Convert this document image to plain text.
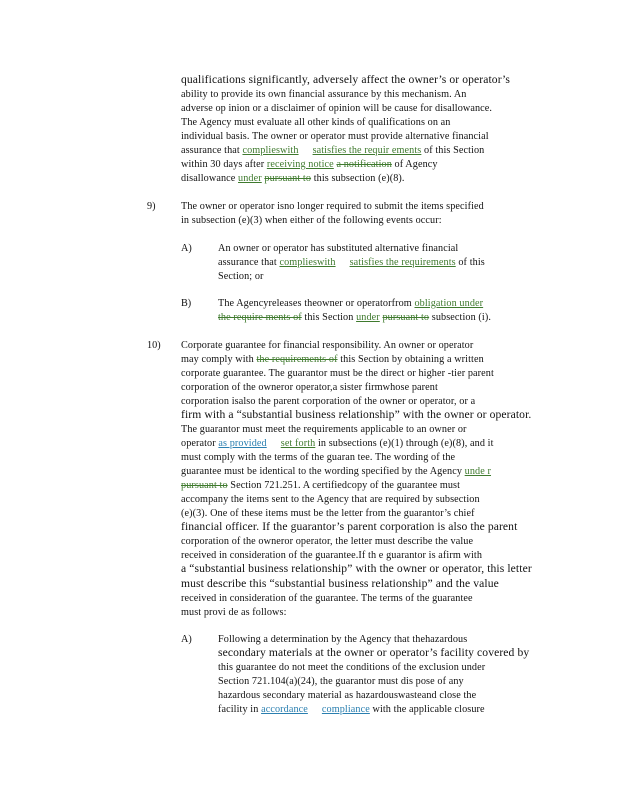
qualifications significantly, adversely affect the owner’s or operator’s
ability to provide its own financial assurance by this mechanism. An
adverse op inion or a disclaimer of opinion will be cause for disallowance.
The Agency must evaluate all other kinds of qualifications on an
individual basis. The owner or operator must provide alternative financial
assurance that complieswith satisfies the requir ements of this Section
within 30 days after receiving notice a notification of Agency
disallowance under pursuant to this subsection (e)(8).
9)	The owner or operator isno longer required to submit the items specified
in subsection (e)(3) when either of the following events occur:
A)	An owner or operator has substituted alternative financial
assurance that complieswith satisfies the requirements of this
Section; or
B)	The Agencyreleases theowner or operatorfrom obligation under
the require ments of this Section under pursuant to subsection (i).
10) Corporate guarantee for financial responsibility. An owner or operator
may comply with the requirements of this Section by obtaining a written
corporate guarantee. The guarantor must be the direct or higher -tier parent
corporation of the owneror operator,a sister firmwhose parent
corporation isalso the parent corporation of the owner or operator, or a
firm with a “substantial business relationship” with the owner or operator.
The guarantor must meet the requirements applicable to an owner or
operator as provided set forth in subsections (e)(1) through (e)(8), and it
must comply with the terms of the guaran tee. The wording of the
guarantee must be identical to the wording specified by the Agency unde r
pursuant to Section 721.251. A certifiedcopy of the guarantee must
accompany the items sent to the Agency that are required by subsection
(e)(3). One of these items must be the letter from the guarantor’s chief
financial officer. If the guarantor’s parent corporation is also the parent
corporation of the owneror operator, the letter must describe the value
received in consideration of the guarantee.If th e guarantor is afirm with
a “substantial business relationship” with the owner or operator, this letter
must describe this “substantial business relationship” and the value
received in consideration of the guarantee. The terms of the guarantee
must provi de as follows:
A)	Following a determination by the Agency that thehazardous
secondary materials at the owner or operator’s facility covered by
this guarantee do not meet the conditions of the exclusion under
Section 721.104(a)(24), the guarantor must dis pose of any
hazardous secondary material as hazardouswasteand close the
facility in accordance compliance with the applicable closure
